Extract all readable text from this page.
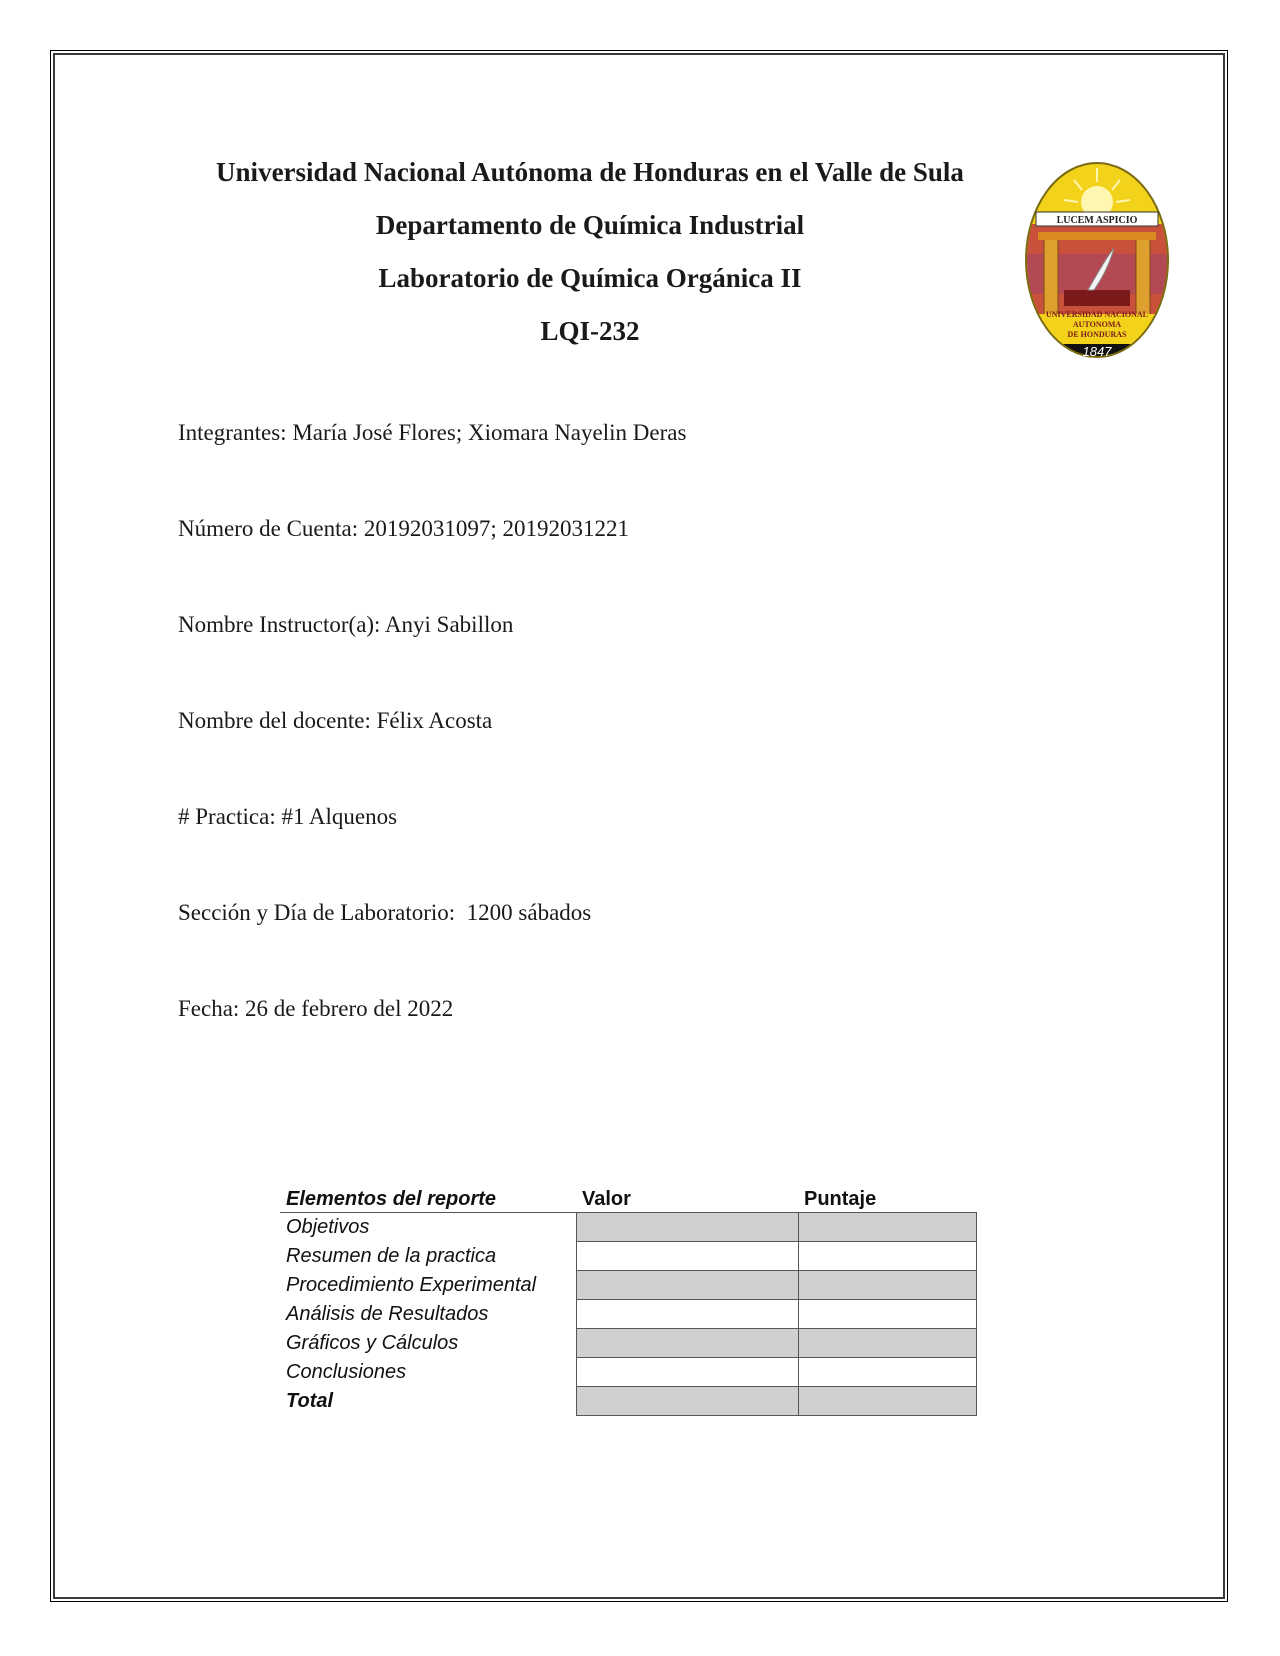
Universidad Nacional Autónoma de Honduras en el Valle de Sula
Departamento de Química Industrial
Laboratorio de Química Orgánica II
LQI-232
LUCEM ASPICIO
UNIVERSIDAD NACIONAL
AUTONOMA
DE HONDURAS
1847
Integrantes: María José Flores; Xiomara Nayelin Deras
Número de Cuenta: 20192031097; 20192031221
Nombre Instructor(a): Anyi Sabillon
Nombre del docente: Félix Acosta
# Practica: #1 Alquenos
Sección y Día de Laboratorio:  1200 sábados
Fecha: 26 de febrero del 2022
Elementos del reporte	Valor	Puntaje
Objetivos		
Resumen de la practica		
Procedimiento Experimental		
Análisis de Resultados		
Gráficos y Cálculos		
Conclusiones		
Total		
